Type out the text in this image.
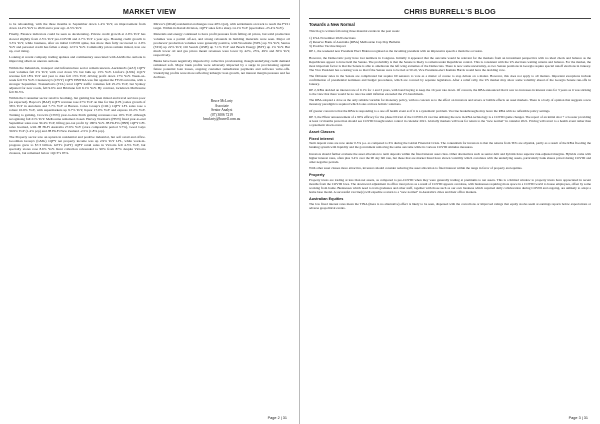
MARKET VIEW

to be rebounding, with the three months to September down 1.4% YoY, an improvement from down 14.2% YoY to 2020 and a year ago -6.5% YoY.

Finally, Finance indicators could be seen as decelerating. Private credit growth at 2.9% YoY has slowed slightly from 2.5% YoY pre-COVID and 2.7% YoY a year ago. Housing credit growth is 3.3% YoY, while business, after an initial COVID spike, has more than fully recovered to 2.0% YoY and personal credit has fallen a sharp 12.5% YoY. Commodity prices remain mixed, iron ore up, coal rising.

Looking at recent company trading updates and commentary associated with AGMs the outlook is improving albeit on uneven outlook.

Within the Industrials, transport and infrastructure sector remain uneven. Auckland's (AZJ) 1QFY total volumes fell 2% YoY, with coal down 5% but bulk up 13% YoY. Linfox's (LNK) 1QCY revenue fell 18% YoY and year to date fell 13% YoY, driving profit down 17% YoY. Week-on-week fell 5% YoY. Cleanaway's (CWY) 1QFY EBITDA was flat against the FY20 outcome, with a stronger September. Transurban's (TCL) total 1QFY traffic volumes fell 25.2% YoY, but Sydney adjusted for new roads, fell 9.6% and Brisbane fell 9.1% YoY. By contrast, lockdown Melbourne fell 36.3%.

Within the Consumer sector retail is booming, but gaming has been mixed and travel services poor (as expected). Bapcor's (BAP) 1QFY revenue rose 27% YoY on like for like (LFL) sales growth of 36% YoY in Autobarn and 7.7% YoY at Burson. Coles Group's (COL) 1QFY LFL sales rose a robust 10.6% YoY, with supermarkets up 9.7% YoY, liquor 17.0% YoY and express 10.2% YoY. Turning to gaming, Crown's (CWN) year-to-date Perth gaming revenues rose 16% YoY, although recognising fall 21% YoY. Melbourne remained closed. Harvey Norman's (HVN) fixed year-to-end September sales rose 30.4% YoY, lifting pre-tax profit by 180% YoY. JB Hi-Fi's (JBH) 1QFY LFL sales boomed, with JB Hi-Fi Australia 27.6% YoY (store comparable period 3.7%), Good Guys 30.9% YoY (1.4% pcp) and JB Hi-Fi New Zealand -2.5% (1.8% pcp).

The Property sector saw an upturn in residential and positive industrial, but soft retail and office. Goodman Group's (GMG) 1QFY net property income was up 2.9% YoY LFL, while work-in-progress grew to $7.3 billion. GPT's (GPT) 1QFY retail sales in Victoria fell 4.3% YoY, but specialty stores rose 8.6% YoY. Rent collection rebounded to 90% from 87% despite Victoria closures, but remained below 1QCY's 95%.

Mirvac's (MGR) residential exchanges rose 40% QoQ, with settlements on track to reach the FY21 target. Within its Retail division, 1QFY sales fell a sharp 14.1% YoY (specialties -25.4% YoY).

Materials and energy continued to have profit pressure from falling oil prices, but solid production volumes was a partial off-set, and strong rebounds in building materials were seen. Major oil producers' production volumes were generally positive, with Woodside (WPL) up 3% YoY, Santos (STO) up 22% YoY, Oil Search (OSH) up 7.1% YoY and Beach Energy (BPT) up 1% YoY. But much lower oil and gas prices meant revenues were lower by 42%, 25%, 49% and 30% YoY, respectively.

Banks have been negatively impacted by collective provisioning, though underlying credit demand remained soft. Major bank profits were adversely impacted by a surge in provisioning against future potential loan losses, ongoing customer remediation payments and software write-offs. Underlying profits were more reflecting lethargic loan growth, net interest margin pressure and fee declines.

Bruce McLarty
Associate
Senior Analyst
(07) 3006 7219
bmclarty@burrell.com.au
Page 2 | 31
CHRIS BURRELL'S BLOG
Towards a New Normal

This blog is written following three material events in the past week:

1) USA November 2020 elections
2) Reserve Bank of Australia (RBA) Melbourne Cup Day Bulletin
3) Positive Vaccine Report

RE 1, the weekend new President Elect Biden recognised as the incoming president with an impressive speech a mark the occasion.

However, the Democratic party have lost numbers in Congress. Initially it appeared that the outcome would be relevant for the markets from an investment perspective with no ideal check and balance as the Republicans appear to have held the Senate. The probability is that the Senate is likely to remain under Republican control. This is consistent with the US elections waiting returns and balance. For the market, the most important factor is that the Senate is able to ameliorate the left wing extremes of the Democrats. There is now some uncertainty, as two Senate positions in Georgia require special runoff elections in January. The Vice President has a casting vote so that if the Senate were to be tied at 50 all, Vice President-elect Kamala Harris would have the deciding vote.

The filibuster rules in the Senate are complicated but require 60 senators to vote as a matter of course to stop debate on a matter. However, this does not apply to all matters. Important exceptions include confirmation of presidential nominees and budget procedures, which are covered by separate legislation. After a relief rally, the US market may show some volatility ahead of the Georgia Senate run-offs in January.

RE 2, RBA decided an interest rate of 0.1% for 1 and 3 years, with bond buying to keep the 10-year rate down. Of concern, the RBA announced that it saw no increases in interest rates for 3 years as it was sticking to the view that there would be no rate rise until inflation exceeded the 2% benchmark.

The RBA adopted a dove as the only reliable variable for monetary policy, with no concern as to the effect on investors and savers or bubble effects on asset markets. There is a body of opinion that suggests a new monetary paradigm is required which looks at more holistic solutions.

Of greater concern is that the RBA is responding to a one off health event as if it is a systematic problem. Vaccine breakthroughs may leave the RBA with no reflexible policy settings.

RE 3, the Pfizer announcement of a 90% efficacy for the phase III trial of the COVID-19 vaccine utilising the new m-RNA technology is a COVID game changer. The report of an initial shot + a booster providing at least 12 months protection should see COVID brought under control in calendar 2021. Globally markets will look for return to the "new normal" in calendar 2021. Pricing will revert to a health event rather than a systematic shock event.

Asset Classes
Fixed interest

Term deposit rates are now under 0.5% p.a. as compared to 6% during the Global Financial Crisis. The conundrum for investors is that the returns from TD's are abysmal, partly as a result of the RBA flooding the banking system with liquidity and the government removing the same outcome while its various COVID stimulus measures.

Investors should further evaluate the asset allocation to term deposits within the fixed interest asset class. Other alternatives such as senior debt and hybrids have superior risk-adjusted margins. Hybrids come with higher interest rates, often plus 3.4% over the 90 day bill rate, but these that are market listed have shown volatility which correlates with the underlying assets, particularly bank shares priced during COVID and other negative periods.

With other asset classes more attractive, investors should consider reducing the asset allocation to fixed interest within the range in favor of property and equities.

Property

Property trusts are trading at less than net assets, as compared to pre-COVID when they were generally trading at premiums to net assets. This is a limited window to property trusts have appreciated in recent months from the COVID lows. The downward adjustment in office trust prices as a result of COVID appears overdone, with businesses requiring more space in a COVID world to house employees, offset by some working from home. Businesses which need to train graduates and other staff, together with those such as our own business which required daily collaboration during COVID and ongoing, are unlikely to adopt a home base model. A successful vaccine(s) will expedite a return to a "new normal" in Australia's cities and their office markets.

Australian Equities

The low fixed interest rates mean the TINA (there is no alternative) effect is likely to be seen, dispersed with the corrections or improved ratings that equity stocks seem at earnings reports below expectations or adverse geopolitical events.

Page 3 | 31
